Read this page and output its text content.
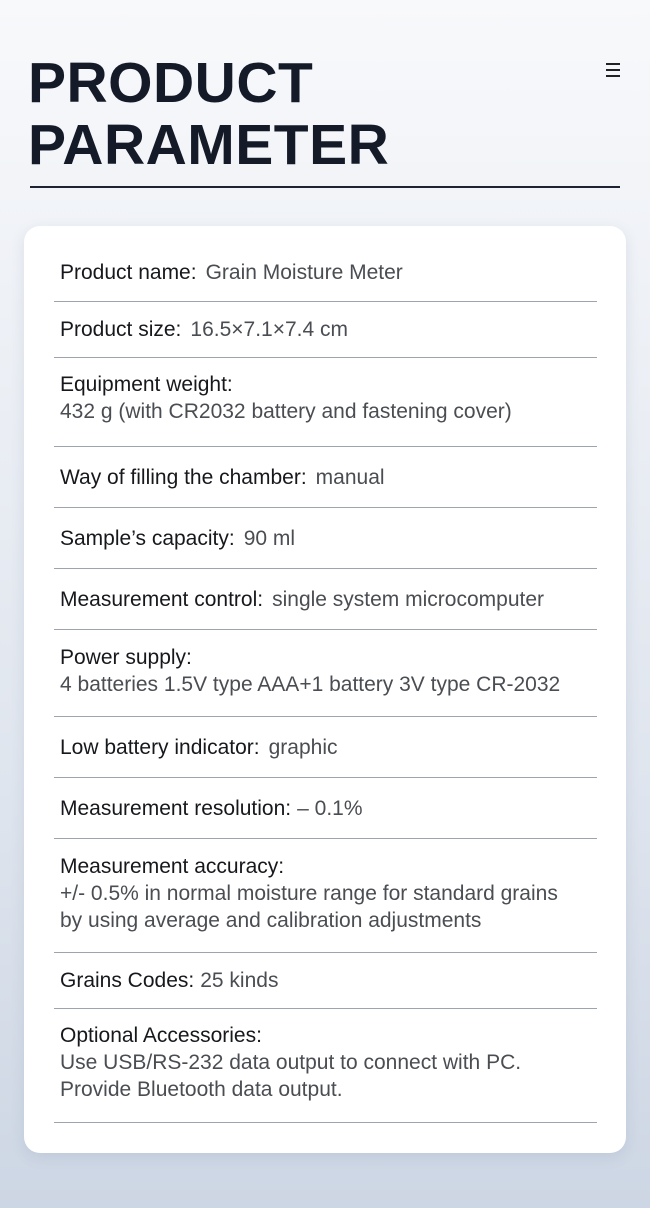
PRODUCT
PARAMETER
Product name: Grain Moisture Meter
Product size: 16.5×7.1×7.4 cm
Equipment weight:
432 g (with CR2032 battery and fastening cover)
Way of filling the chamber: manual
Sample’s capacity: 90 ml
Measurement control: single system microcomputer
Power supply:
4 batteries 1.5V type AAA+1 battery 3V type CR-2032
Low battery indicator: graphic
Measurement resolution: – 0.1%
Measurement accuracy:
+/- 0.5% in normal moisture range for standard grains
by using average and calibration adjustments
Grains Codes: 25 kinds
Optional Accessories:
Use USB/RS-232 data output to connect with PC.
Provide Bluetooth data output.
